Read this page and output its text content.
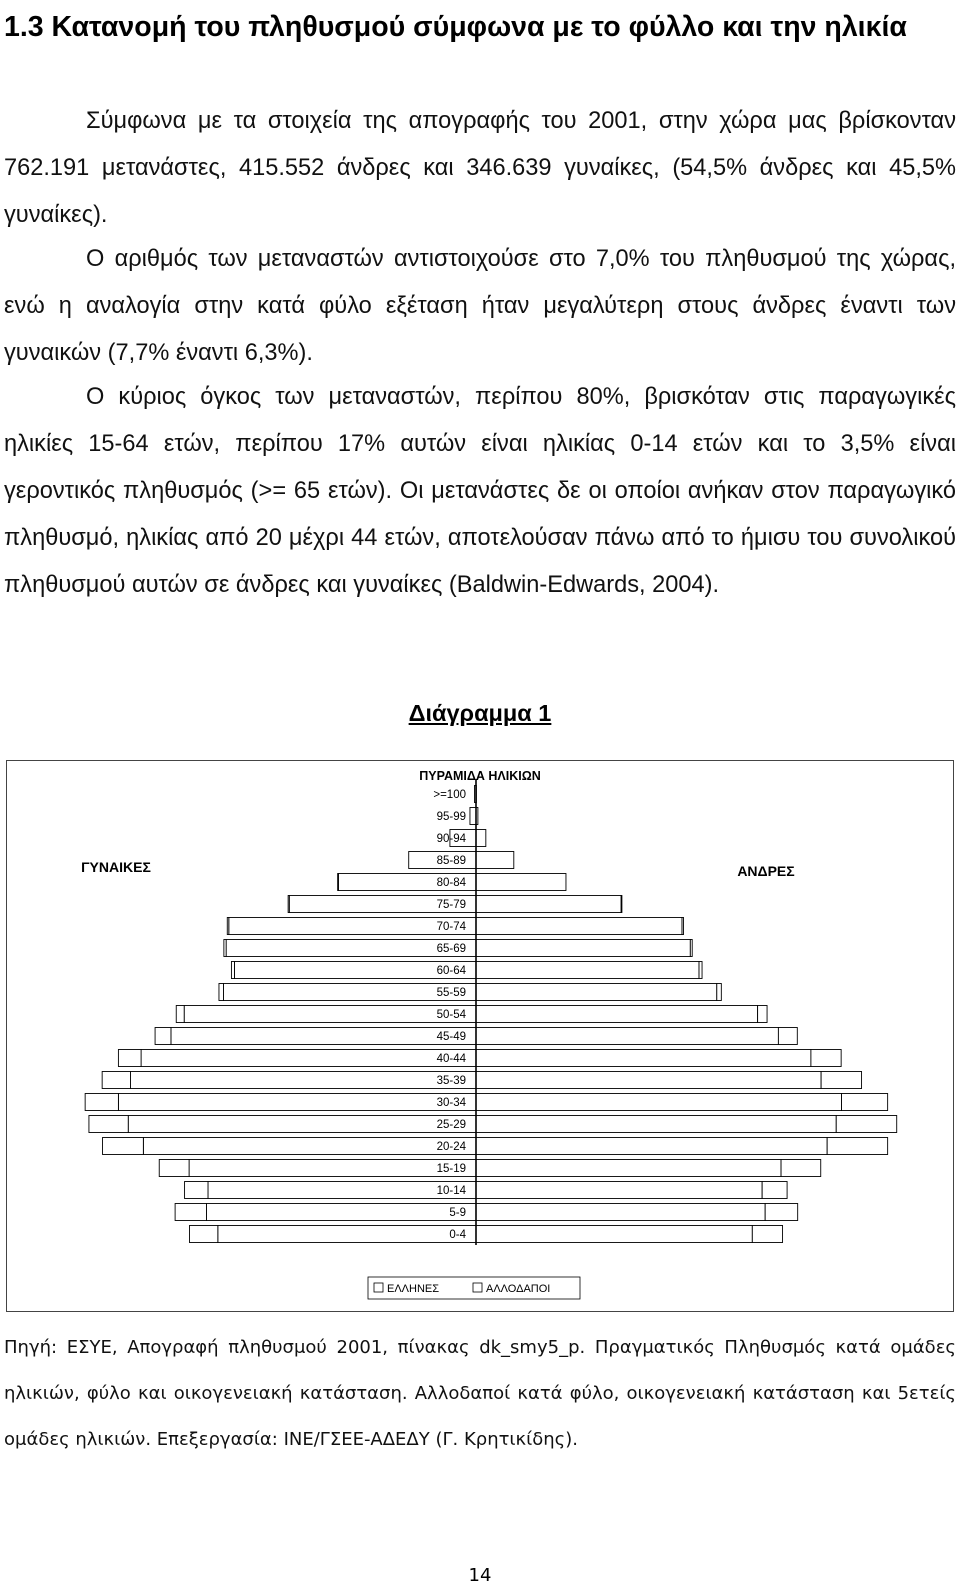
1.3 Κατανομή του πληθυσμού σύμφωνα με το φύλλο και την ηλικία

Σύμφωνα με τα στοιχεία της απογραφής του 2001, στην χώρα μας βρίσκονταν 762.191 μετανάστες, 415.552 άνδρες και 346.639 γυναίκες, (54,5% άνδρες και 45,5% γυναίκες).

Ο αριθμός των μεταναστών αντιστοιχούσε στο 7,0% του πληθυσμού της χώρας, ενώ η αναλογία στην κατά φύλο εξέταση ήταν μεγαλύτερη στους άνδρες έναντι των γυναικών (7,7% έναντι 6,3%).

Ο κύριος όγκος των μεταναστών, περίπου 80%, βρισκόταν στις παραγωγικές ηλικίες 15-64 ετών, περίπου 17% αυτών είναι ηλικίας 0-14 ετών και το 3,5% είναι γεροντικός πληθυσμός (>= 65 ετών). Οι μετανάστες δε οι οποίοι ανήκαν στον παραγωγικό πληθυσμό, ηλικίας από 20 μέχρι 44 ετών, αποτελούσαν πάνω από το ήμισυ του συνολικού πληθυσμού αυτών σε άνδρες και γυναίκες (Baldwin-Edwards, 2004).

Διάγραμμα 1
ΠΥΡΑΜΙΔΑ ΗΛΙΚΙΩΝ
ΓΥΝΑΙΚΕΣ	ΑΝΔΡΕΣ
0-4
5-9
10-14
15-19
20-24
25-29
30-34
35-39
40-44
45-49
50-54
55-59
60-64
65-69
70-74
75-79
80-84
85-89
90-94
95-99
>=100
ΕΛΛΗΝΕΣ	ΑΛΛΟΔΑΠΟΙ

Πηγή: ΕΣΥΕ, Απογραφή πληθυσμού 2001, πίνακας dk_smy5_p. Πραγματικός Πληθυσμός κατά ομάδες ηλικιών, φύλο και οικογενειακή κατάσταση. Αλλοδαποί κατά φύλο, οικογενειακή κατάσταση και 5ετείς ομάδες ηλικιών. Επεξεργασία: ΙΝΕ/ΓΣΕΕ-ΑΔΕΔΥ (Γ. Κρητικίδης).

14
